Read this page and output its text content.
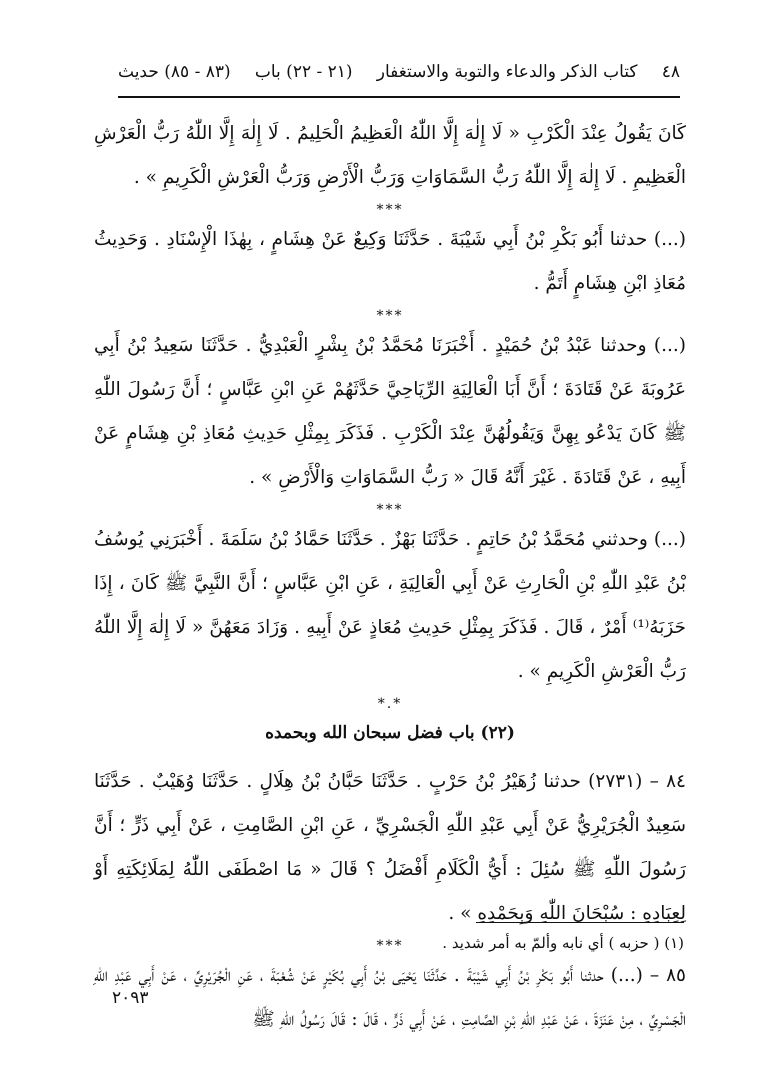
٤٨
كتاب الذكر والدعاء والتوبة والاستغفار
(٢١ - ٢٢) باب
(٨٣ - ٨٥) حديث

كَانَ يَقُولُ عِنْدَ الْكَرْبِ « لَا إِلٰهَ إِلَّا اللّٰهُ الْعَظِيمُ الْحَلِيمُ . لَا إِلٰهَ إِلَّا اللّٰهُ رَبُّ الْعَرْشِ الْعَظِيمِ . لَا إِلٰهَ إِلَّا اللّٰهُ رَبُّ السَّمَاوَاتِ وَرَبُّ الْأَرْضِ وَرَبُّ الْعَرْشِ الْكَرِيمِ » .

***

(...) حدثنا أَبُو بَكْرِ بْنُ أَبِي شَيْبَةَ . حَدَّثَنَا وَكِيعٌ عَنْ هِشَامٍ ، بِهٰذَا الْإِسْنَادِ . وَحَدِيثُ مُعَاذِ ابْنِ هِشَامٍ أَتَمُّ .

***

(...) وحدثنا عَبْدُ بْنُ حُمَيْدٍ . أَخْبَرَنَا مُحَمَّدُ بْنُ بِشْرٍ الْعَبْدِيُّ . حَدَّثَنَا سَعِيدُ بْنُ أَبِي عَرُوبَةَ عَنْ قَتَادَةَ ؛ أَنَّ أَبَا الْعَالِيَةِ الرِّيَاحِيَّ حَدَّثَهُمْ عَنِ ابْنِ عَبَّاسٍ ؛ أَنَّ رَسُولَ اللّٰهِ ﷺ كَانَ يَدْعُو بِهِنَّ وَيَقُولُهُنَّ عِنْدَ الْكَرْبِ . فَذَكَرَ بِمِثْلِ حَدِيثِ مُعَاذِ بْنِ هِشَامٍ عَنْ أَبِيهِ ، عَنْ قَتَادَةَ . غَيْرَ أَنَّهُ قَالَ « رَبُّ السَّمَاوَاتِ وَالْأَرْضِ » .

***

(...) وحدثني مُحَمَّدُ بْنُ حَاتِمٍ . حَدَّثَنَا بَهْزٌ . حَدَّثَنَا حَمَّادُ بْنُ سَلَمَةَ . أَخْبَرَنِي يُوسُفُ بْنُ عَبْدِ اللّٰهِ بْنِ الْحَارِثِ عَنْ أَبِي الْعَالِيَةِ ، عَنِ ابْنِ عَبَّاسٍ ؛ أَنَّ النَّبِيَّ ﷺ كَانَ ، إِذَا حَزَبَهُ⁽¹⁾ أَمْرٌ ، قَالَ . فَذَكَرَ بِمِثْلِ حَدِيثِ مُعَاذٍ عَنْ أَبِيهِ . وَزَادَ مَعَهُنَّ « لَا إِلٰهَ إِلَّا اللّٰهُ رَبُّ الْعَرْشِ الْكَرِيمِ » .

*.*
(٢٢) باب فضل سبحان الله وبحمده

٨٤ – (٢٧٣١) حدثنا زُهَيْرُ بْنُ حَرْبٍ . حَدَّثَنَا حَبَّانُ بْنُ هِلَالٍ . حَدَّثَنَا وُهَيْبٌ . حَدَّثَنَا سَعِيدٌ الْجُرَيْرِيُّ عَنْ أَبِي عَبْدِ اللّٰهِ الْجَسْرِيِّ ، عَنِ ابْنِ الصَّامِتِ ، عَنْ أَبِي ذَرٍّ ؛ أَنَّ رَسُولَ اللّٰهِ ﷺ سُئِلَ : أَيُّ الْكَلَامِ أَفْضَلُ ؟ قَالَ « مَا اصْطَفَى اللّٰهُ لِمَلَائِكَتِهِ أَوْ لِعِبَادِهِ : سُبْحَانَ اللّٰهِ وَبِحَمْدِهِ » .

***

٨٥ – (...) حدثنا أَبُو بَكْرِ بْنُ أَبِي شَيْبَةَ . حَدَّثَنَا يَحْيَى بْنُ أَبِي بُكَيْرٍ عَنْ شُعْبَةَ ، عَنِ الْجُرَيْرِيِّ ، عَنْ أَبِي عَبْدِ اللّٰهِ الْجَسْرِيِّ ، مِنْ عَنَزَةَ ، عَنْ عَبْدِ اللّٰهِ بْنِ الصَّامِتِ ، عَنْ أَبِي ذَرٍّ ، قَالَ : قَالَ رَسُولُ اللّٰهِ ﷺ

(١) ( حزبه ) أي نابه وألمّ به أمر شديد .
٢٠٩٣
